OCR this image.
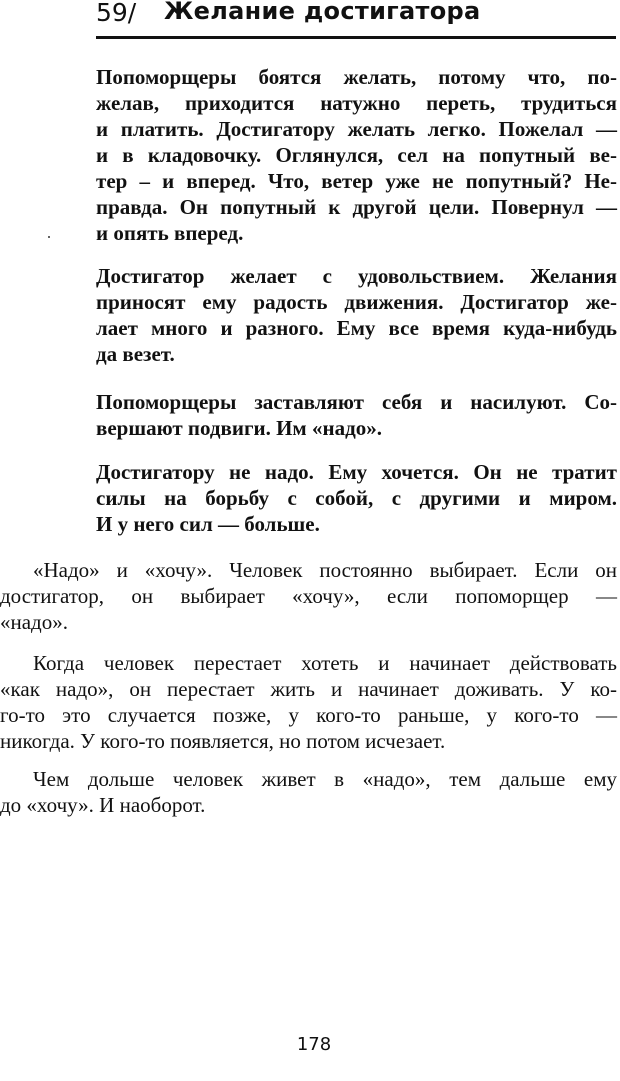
59/ Желание достигатора
Попоморщеры боятся желать, потому что, по-
желав, приходится натужно переть, трудиться
и платить. Достигатору желать легко. Пожелал —
и в кладовочку. Оглянулся, сел на попутный ве-
тер – и вперед. Что, ветер уже не попутный? Не-
правда. Он попутный к другой цели. Повернул —
и опять вперед.
Достигатор желает с удовольствием. Желания
приносят ему радость движения. Достигатор же-
лает много и разного. Ему все время куда-нибудь
да везет.
Попоморщеры заставляют себя и насилуют. Со-
вершают подвиги. Им «надо».
Достигатору не надо. Ему хочется. Он не тратит
силы на борьбу с собой, с другими и миром.
И у него сил — больше.
«Надо» и «хочу». Человек постоянно выбирает. Если он
достигатор, он выбирает «хочу», если попоморщер —
«надо».
Когда человек перестает хотеть и начинает действовать
«как надо», он перестает жить и начинает доживать. У ко-
го-то это случается позже, у кого-то раньше, у кого-то —
никогда. У кого-то появляется, но потом исчезает.
Чем дольше человек живет в «надо», тем дальше ему
до «хочу». И наоборот.
178
